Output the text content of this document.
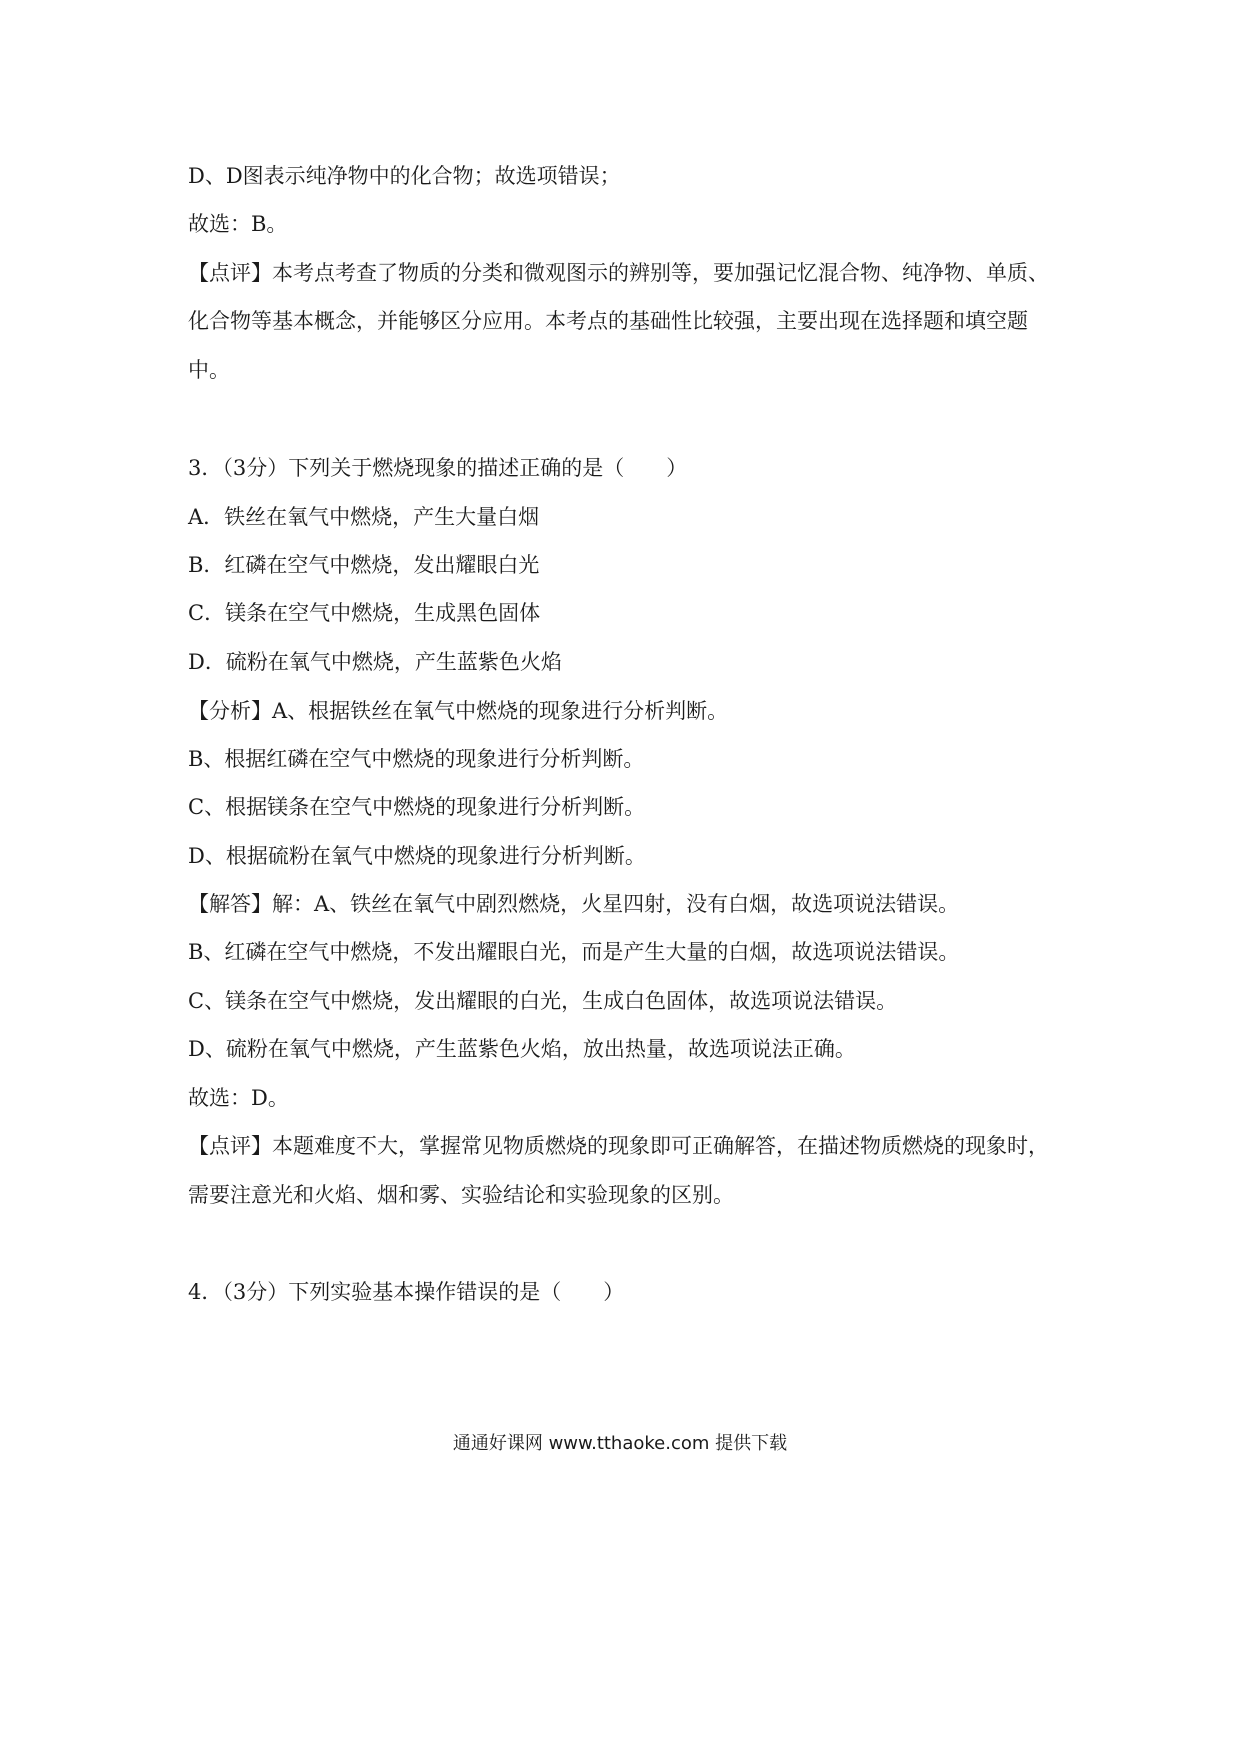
D、D图表示纯净物中的化合物；故选项错误；
故选：B。
【点评】本考点考查了物质的分类和微观图示的辨别等，要加强记忆混合物、纯净物、单质、
化合物等基本概念，并能够区分应用。本考点的基础性比较强，主要出现在选择题和填空题
中。
3．（3分）下列关于燃烧现象的描述正确的是（　　）
A．铁丝在氧气中燃烧，产生大量白烟
B．红磷在空气中燃烧，发出耀眼白光
C．镁条在空气中燃烧，生成黑色固体
D．硫粉在氧气中燃烧，产生蓝紫色火焰
【分析】A、根据铁丝在氧气中燃烧的现象进行分析判断。
B、根据红磷在空气中燃烧的现象进行分析判断。
C、根据镁条在空气中燃烧的现象进行分析判断。
D、根据硫粉在氧气中燃烧的现象进行分析判断。
【解答】解：A、铁丝在氧气中剧烈燃烧，火星四射，没有白烟，故选项说法错误。
B、红磷在空气中燃烧，不发出耀眼白光，而是产生大量的白烟，故选项说法错误。
C、镁条在空气中燃烧，发出耀眼的白光，生成白色固体，故选项说法错误。
D、硫粉在氧气中燃烧，产生蓝紫色火焰，放出热量，故选项说法正确。
故选：D。
【点评】本题难度不大，掌握常见物质燃烧的现象即可正确解答，在描述物质燃烧的现象时，
需要注意光和火焰、烟和雾、实验结论和实验现象的区别。
4．（3分）下列实验基本操作错误的是（　　）
通通好课网 www.tthaoke.com 提供下载
